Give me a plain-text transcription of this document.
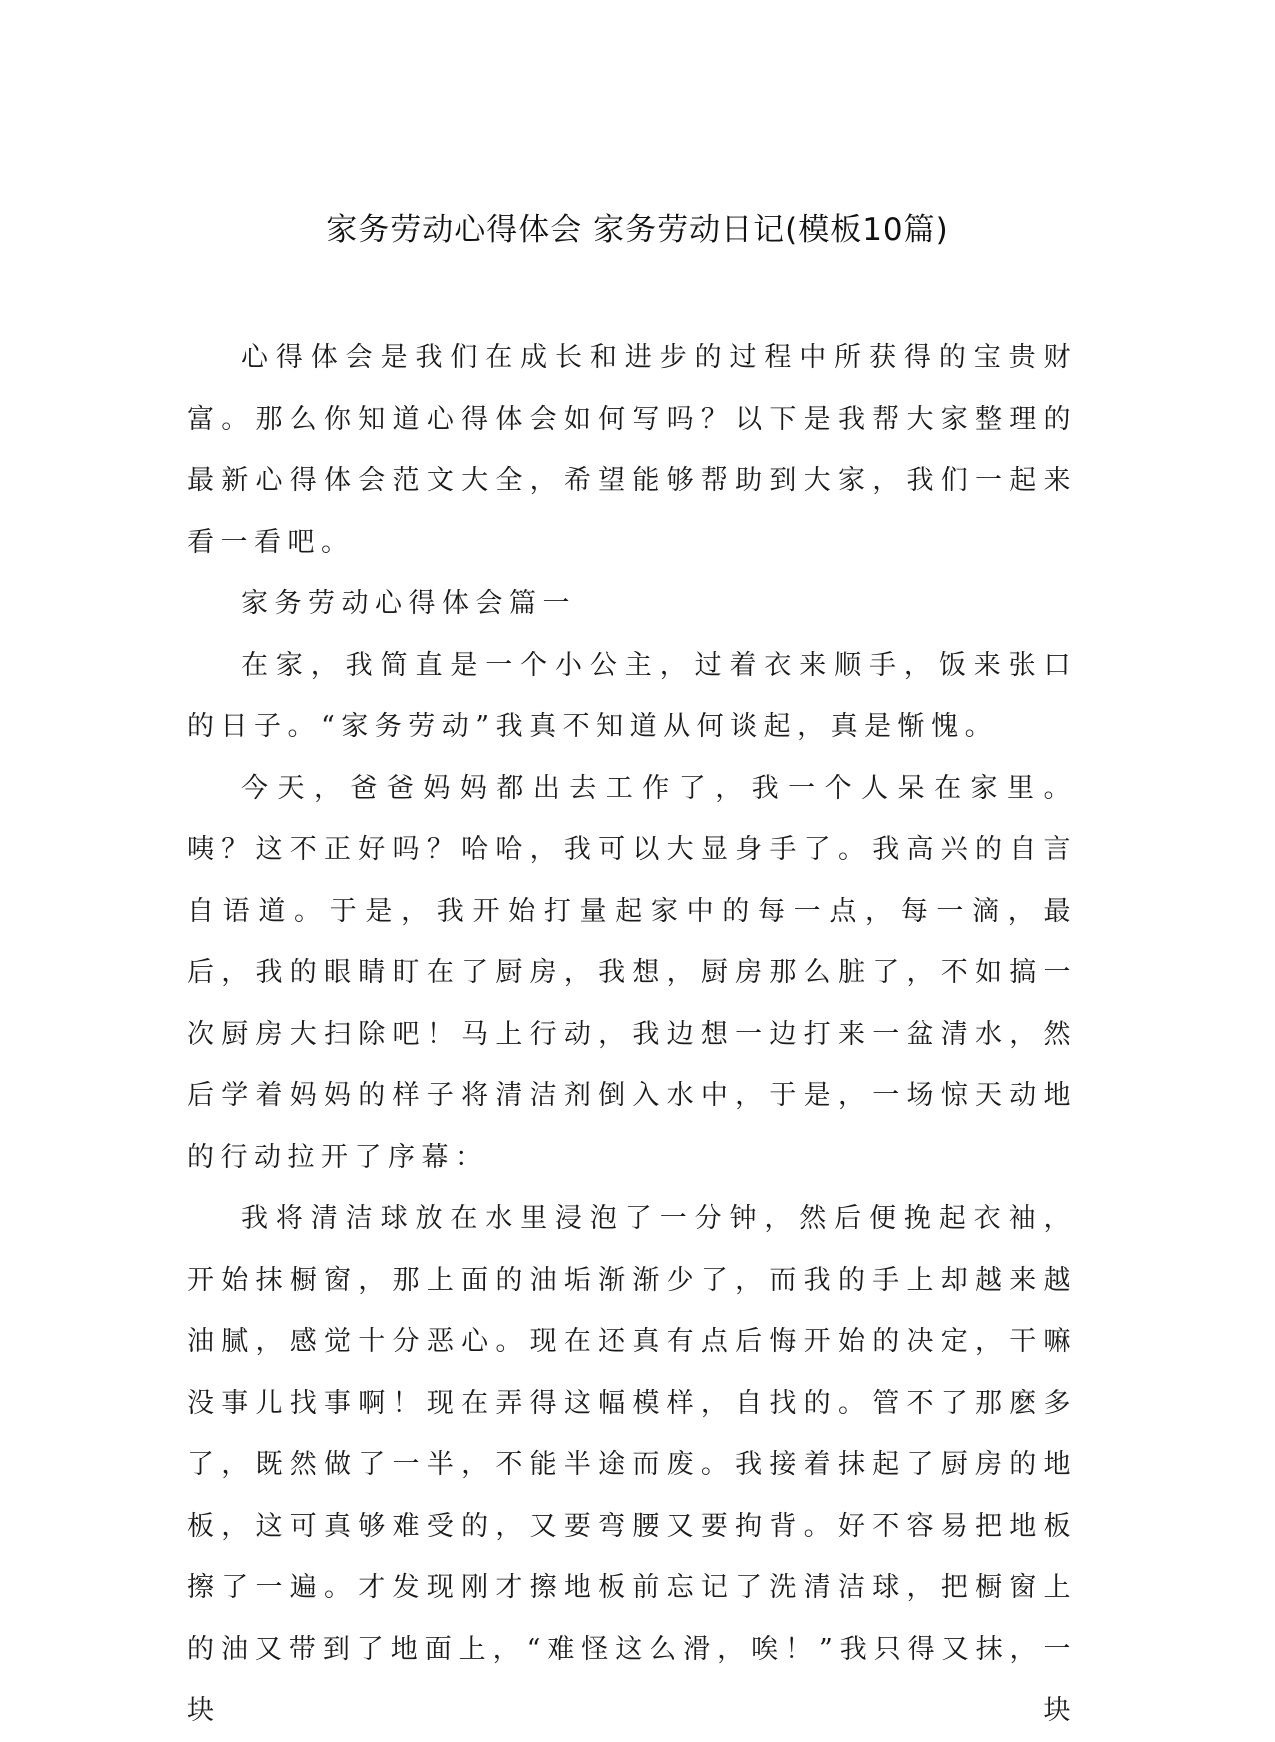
家务劳动心得体会 家务劳动日记(模板10篇)

心得体会是我们在成长和进步的过程中所获得的宝贵财富。那么你知道心得体会如何写吗？以下是我帮大家整理的最新心得体会范文大全，希望能够帮助到大家，我们一起来看一看吧。

家务劳动心得体会篇一

在家，我简直是一个小公主，过着衣来顺手，饭来张口的日子。“家务劳动”我真不知道从何谈起，真是惭愧。

今天，爸爸妈妈都出去工作了，我一个人呆在家里。咦？这不正好吗？哈哈，我可以大显身手了。我高兴的自言自语道。于是，我开始打量起家中的每一点，每一滴，最后，我的眼睛盯在了厨房，我想，厨房那么脏了，不如搞一次厨房大扫除吧！马上行动，我边想一边打来一盆清水，然后学着妈妈的样子将清洁剂倒入水中，于是，一场惊天动地的行动拉开了序幕：

我将清洁球放在水里浸泡了一分钟，然后便挽起衣袖，开始抹橱窗，那上面的油垢渐渐少了，而我的手上却越来越油腻，感觉十分恶心。现在还真有点后悔开始的决定，干嘛没事儿找事啊！现在弄得这幅模样，自找的。管不了那麽多了，既然做了一半，不能半途而废。我接着抹起了厨房的地板，这可真够难受的，又要弯腰又要拘背。好不容易把地板擦了一遍。才发现刚才擦地板前忘记了洗清洁球，把橱窗上的油又带到了地面上，“难怪这么滑，唉！”我只得又抹，一块块
